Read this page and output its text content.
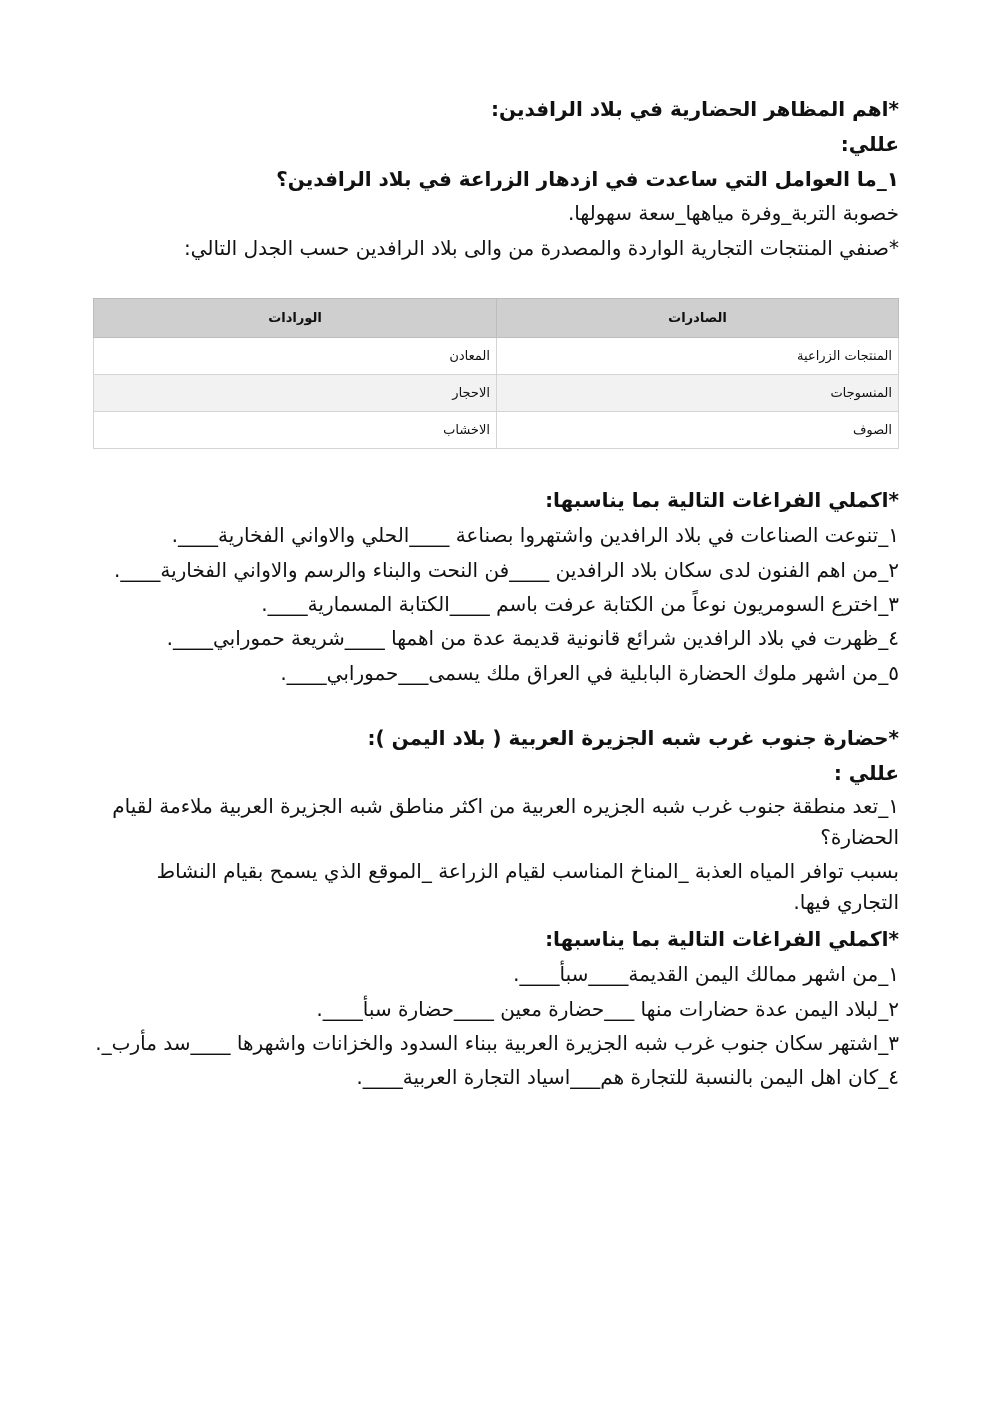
*اهم المظاهر الحضارية في بلاد الرافدين:
عللي:
١_ما العوامل التي ساعدت في ازدهار الزراعة في بلاد الرافدين؟
خصوبة التربة_وفرة مياهها_سعة سهولها.
*صنفي المنتجات التجارية الواردة والمصدرة من والى بلاد الرافدين حسب الجدل التالي:
الصادرات	الورادات
المنتجات الزراعية	المعادن
المنسوجات	الاحجار
الصوف	الاخشاب
*اكملي الفراغات التالية بما يناسبها:
١_تنوعت الصناعات في بلاد الرافدين واشتهروا بصناعة ____الحلي والاواني الفخارية____.
٢_من اهم الفنون لدى سكان بلاد الرافدين ____فن النحت والبناء والرسم والاواني الفخارية____.
٣_اخترع السومريون نوعاً من الكتابة عرفت باسم ____الكتابة المسمارية____.
٤_ظهرت في بلاد الرافدين شرائع قانونية قديمة عدة من اهمها ____شريعة حمورابي____.
٥_من اشهر ملوك الحضارة البابلية في العراق ملك يسمى___حمورابي____.
*حضارة جنوب غرب شبه الجزيرة العربية ( بلاد اليمن ):
عللي :
١_تعد منطقة جنوب غرب شبه الجزيره العربية من اكثر مناطق شبه الجزيرة العربية ملاءمة لقيام الحضارة؟
بسبب توافر المياه العذبة _المناخ المناسب لقيام الزراعة _الموقع الذي يسمح بقيام النشاط التجاري فيها.
*اكملي الفراغات التالية بما يناسبها:
١_من اشهر ممالك اليمن القديمة____سبأ____.
٢_لبلاد اليمن عدة حضارات منها ___حضارة معين ____حضارة سبأ____.
٣_اشتهر سكان جنوب غرب شبه الجزيرة العربية ببناء السدود والخزانات واشهرها ____سد مأرب_.
٤_كان اهل اليمن بالنسبة للتجارة هم___اسياد التجارة العربية____.
